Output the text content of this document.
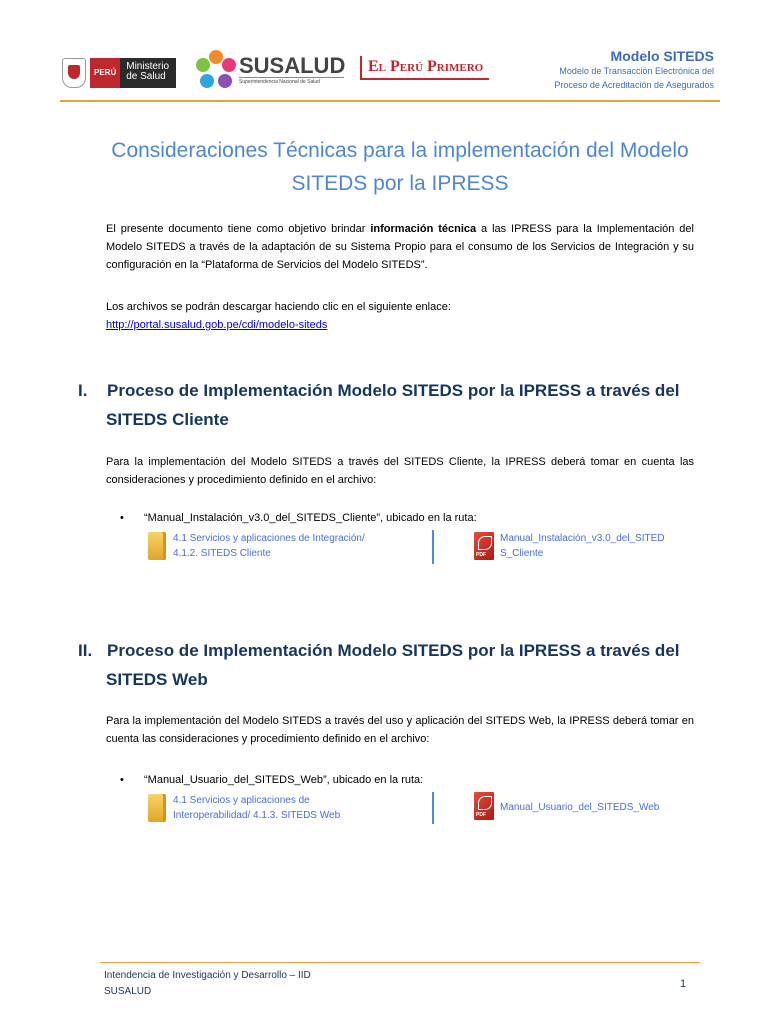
PERÚ
Ministerio de Salud	SUSALUD
Superintendencia Nacional de Salud
El Perú Primero
Modelo SITEDS
Modelo de Transacción Electrónica del
Proceso de Acreditación de Asegurados
Consideraciones Técnicas para la implementación del Modelo
SITEDS por la IPRESS
El presente documento tiene como objetivo brindar información técnica a las IPRESS para la Implementación del Modelo SITEDS a través de la adaptación de su Sistema Propio para el consumo de los Servicios de Integración y su configuración en la “Plataforma de Servicios del Modelo SITEDS”.
Los archivos se podrán descargar haciendo clic en el siguiente enlace:
http://portal.susalud.gob.pe/cdi/modelo-siteds
I. Proceso de Implementación Modelo SITEDS por la IPRESS a través del
SITEDS Cliente
Para la implementación del Modelo SITEDS a través del SITEDS Cliente, la IPRESS deberá tomar en cuenta las consideraciones y procedimiento definido en el archivo:
• “Manual_Instalación_v3.0_del_SITEDS_Cliente”, ubicado en la ruta:
4.1 Servicios y aplicaciones de Integración/
4.1.2. SITEDS Cliente	PDF
Manual_Instalación_v3.0_del_SITED
S_Cliente
II. Proceso de Implementación Modelo SITEDS por la IPRESS a través del
SITEDS Web
Para la implementación del Modelo SITEDS a través del uso y aplicación del SITEDS Web, la IPRESS deberá tomar en cuenta las consideraciones y procedimiento definido en el archivo:
• “Manual_Usuario_del_SITEDS_Web”, ubicado en la ruta:
4.1 Servicios y aplicaciones de
Interoperabilidad/ 4.1.3. SITEDS Web	PDF
Manual_Usuario_del_SITEDS_Web
Intendencia de Investigación y Desarrollo – IID
SUSALUD
1
